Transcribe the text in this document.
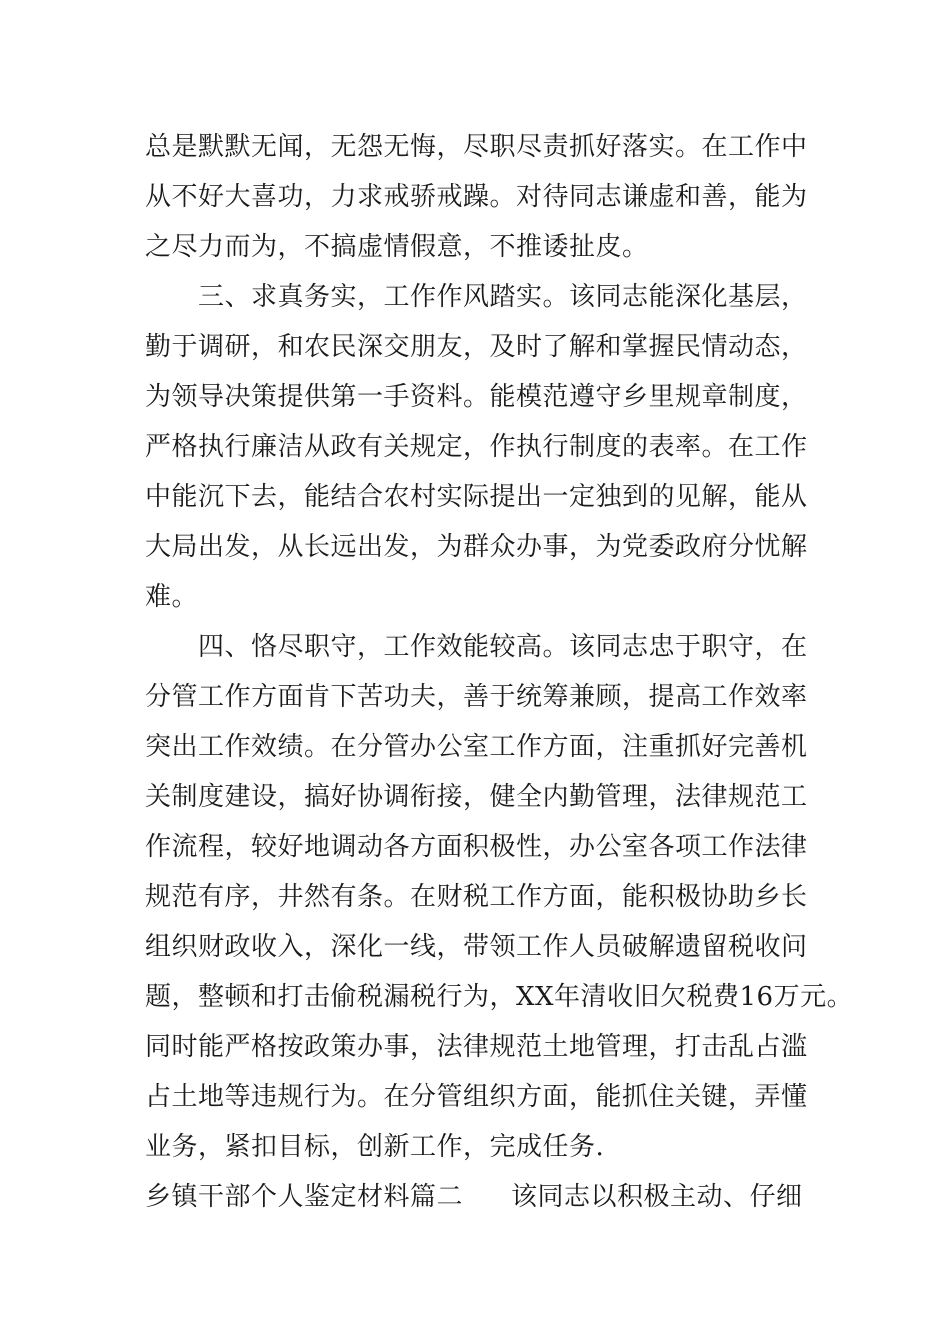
总是默默无闻，无怨无悔，尽职尽责抓好落实。在工作中
从不好大喜功，力求戒骄戒躁。对待同志谦虚和善，能为
之尽力而为，不搞虚情假意，不推诿扯皮。
三、求真务实，工作作风踏实。该同志能深化基层，
勤于调研，和农民深交朋友，及时了解和掌握民情动态，
为领导决策提供第一手资料。能模范遵守乡里规章制度，
严格执行廉洁从政有关规定，作执行制度的表率。在工作
中能沉下去，能结合农村实际提出一定独到的见解，能从
大局出发，从长远出发，为群众办事，为党委政府分忧解
难。
四、恪尽职守，工作效能较高。该同志忠于职守，在
分管工作方面肯下苦功夫，善于统筹兼顾，提高工作效率
突出工作效绩。在分管办公室工作方面，注重抓好完善机
关制度建设，搞好协调衔接，健全内勤管理，法律规范工
作流程，较好地调动各方面积极性，办公室各项工作法律
规范有序，井然有条。在财税工作方面，能积极协助乡长
组织财政收入，深化一线，带领工作人员破解遗留税收问
题，整顿和打击偷税漏税行为，XX年清收旧欠税费16万元。
同时能严格按政策办事，法律规范土地管理，打击乱占滥
占土地等违规行为。在分管组织方面，能抓住关键，弄懂
业务，紧扣目标，创新工作，完成任务.
乡镇干部个人鉴定材料篇二 该同志以积极主动、仔细
